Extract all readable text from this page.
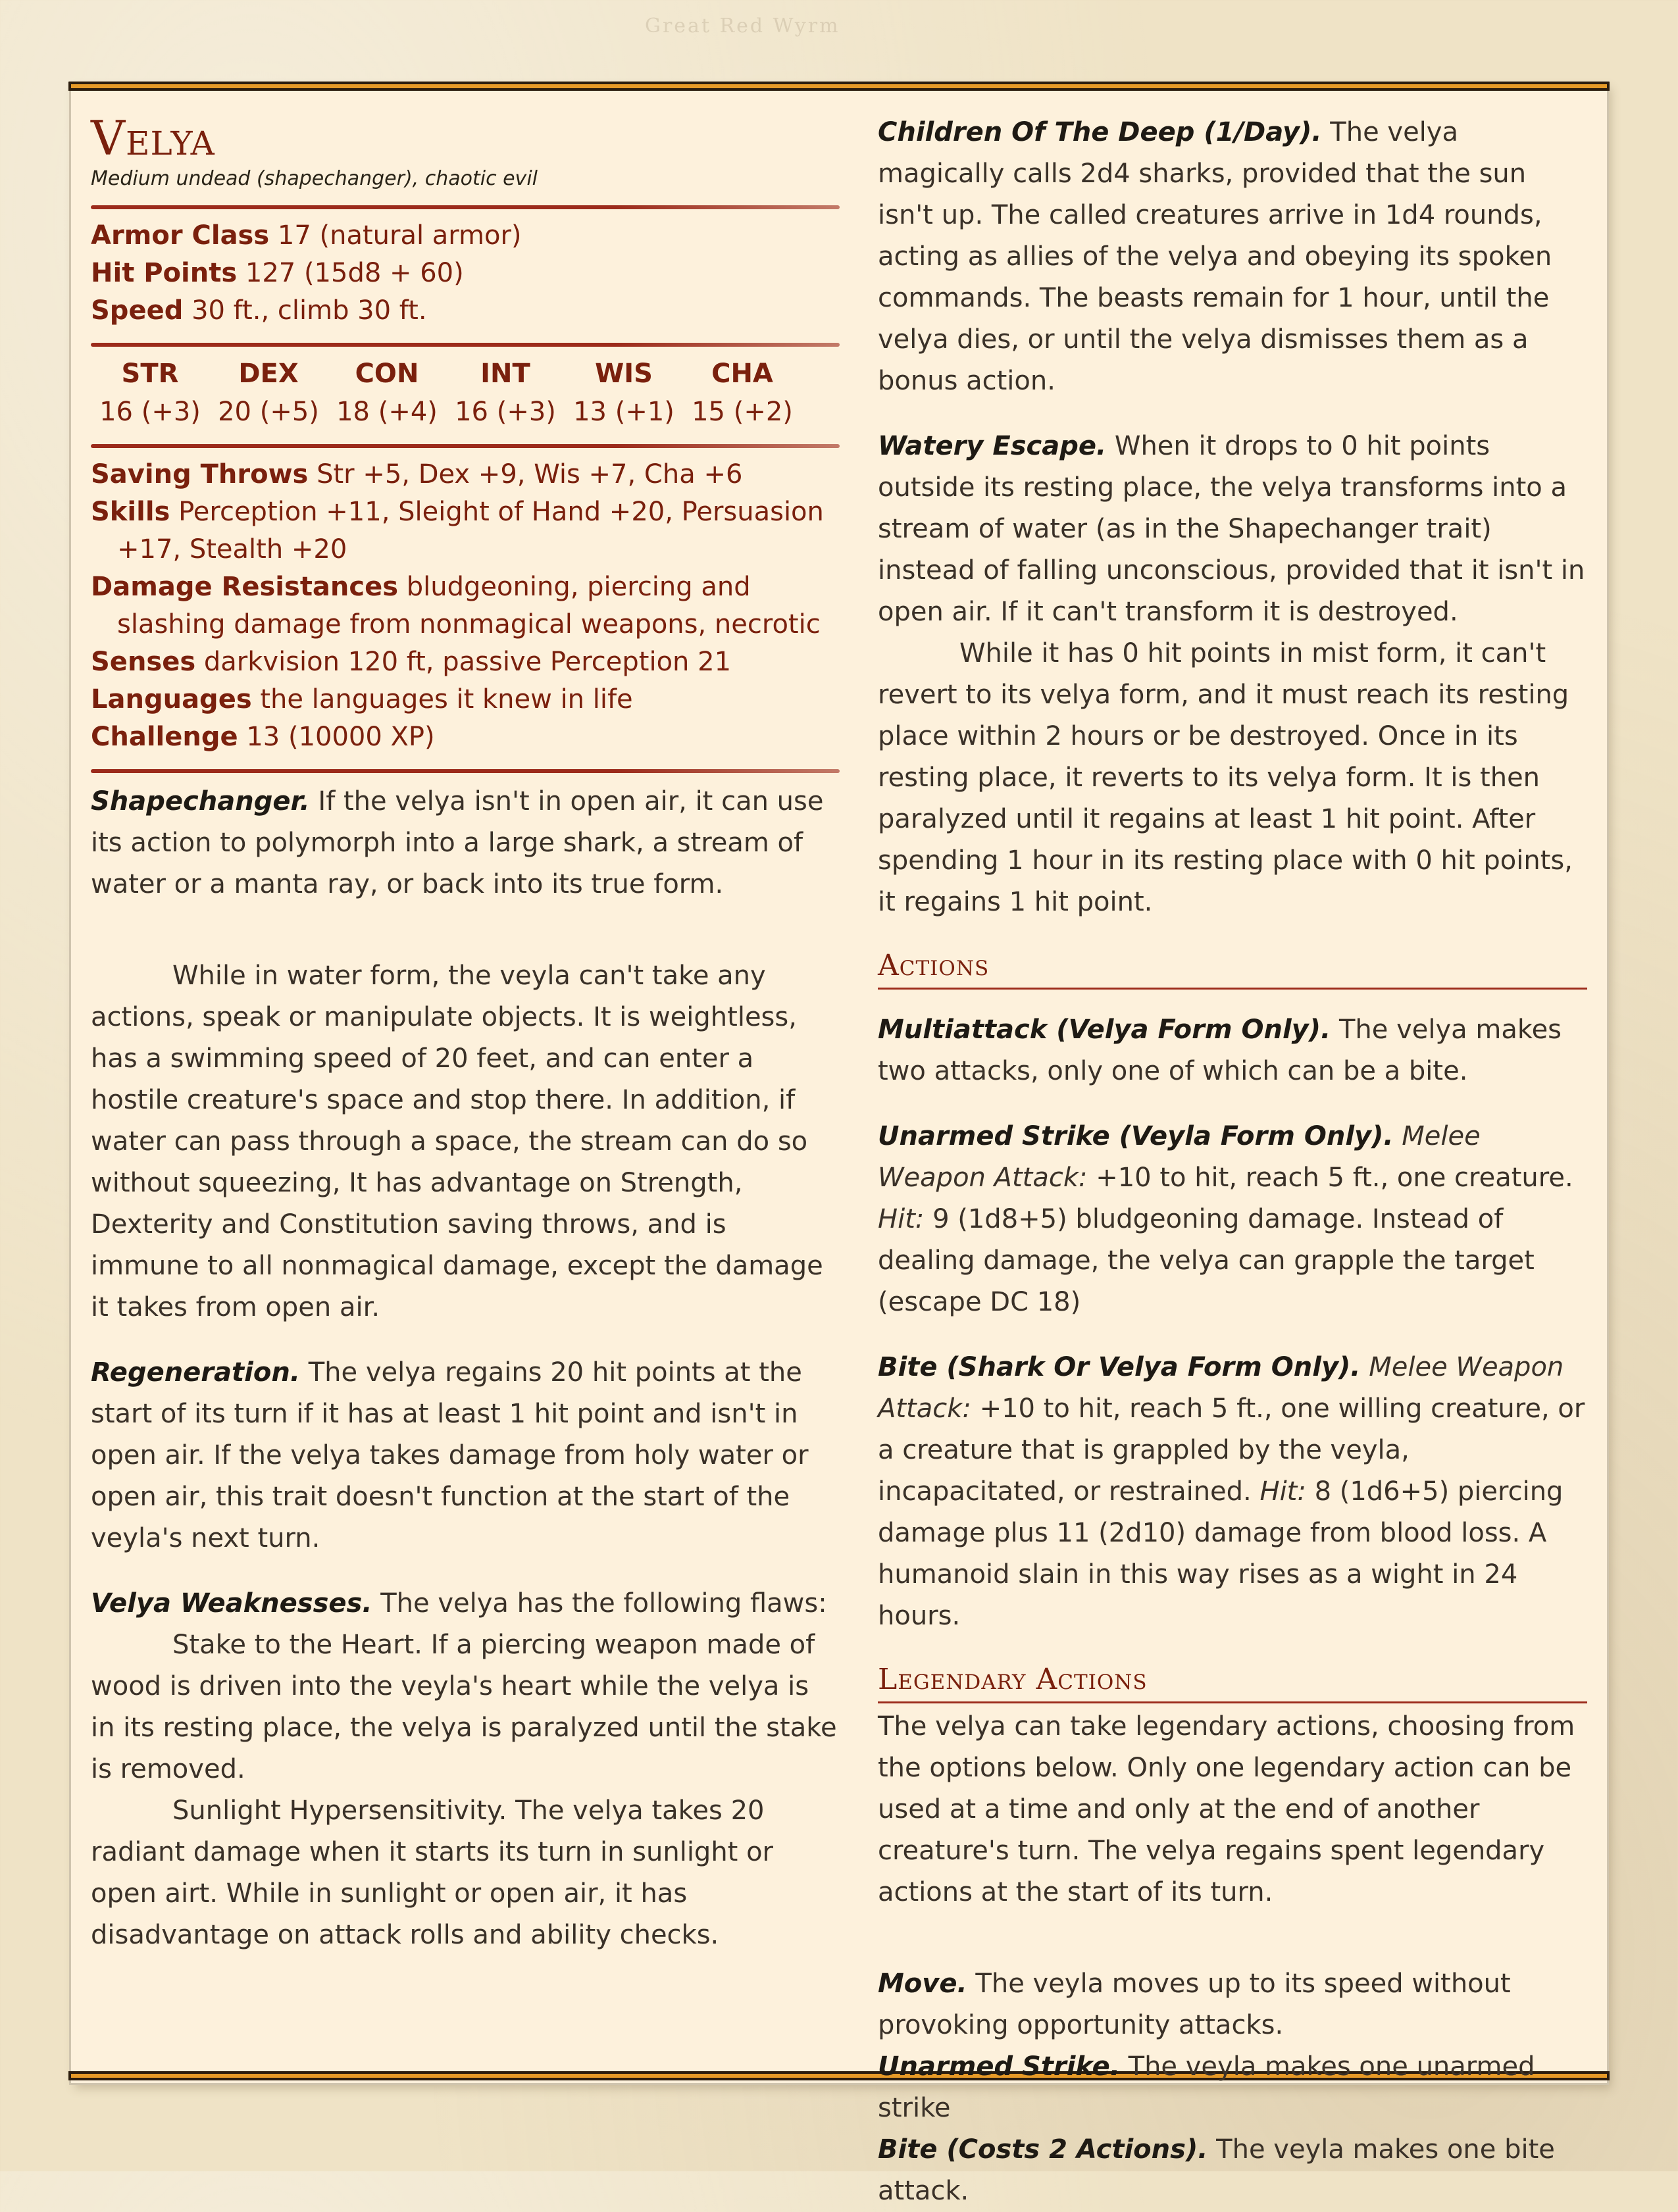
Great Red Wyrm
Velya
Medium undead (shapechanger), chaotic evil
Armor Class 17 (natural armor)
Hit Points 127 (15d8 + 60)
Speed 30 ft., climb 30 ft.
STR
16 (+3)
DEX
20 (+5)
CON
18 (+4)
INT
16 (+3)
WIS
13 (+1)
CHA
15 (+2)
Saving Throws Str +5, Dex +9, Wis +7, Cha +6
Skills Perception +11, Sleight of Hand +20, Persuasion +17, Stealth +20
Damage Resistances bludgeoning, piercing and slashing damage from nonmagical weapons, necrotic
Senses darkvision 120 ft, passive Perception 21
Languages the languages it knew in life
Challenge 13 (10000 XP)

Shapechanger. If the velya isn't in open air, it can use its action to polymorph into a large shark, a stream of water or a manta ray, or back into its true form.

While in water form, the veyla can't take any actions, speak or manipulate objects. It is weightless, has a swimming speed of 20 feet, and can enter a hostile creature's space and stop there. In addition, if water can pass through a space, the stream can do so without squeezing, It has advantage on Strength, Dexterity and Constitution saving throws, and is immune to all nonmagical damage, except the damage it takes from open air.

Regeneration. The velya regains 20 hit points at the start of its turn if it has at least 1 hit point and isn't in open air. If the velya takes damage from holy water or open air, this trait doesn't function at the start of the veyla's next turn.

Velya Weaknesses. The velya has the following flaws:

Stake to the Heart. If a piercing weapon made of wood is driven into the veyla's heart while the velya is in its resting place, the velya is paralyzed until the stake is removed.

Sunlight Hypersensitivity. The velya takes 20 radiant damage when it starts its turn in sunlight or open airt. While in sunlight or open air, it has disadvantage on attack rolls and ability checks.

Children Of The Deep (1/Day). The velya magically calls 2d4 sharks, provided that the sun isn't up. The called creatures arrive in 1d4 rounds, acting as allies of the velya and obeying its spoken commands. The beasts remain for 1 hour, until the velya dies, or until the velya dismisses them as a bonus action.

Watery Escape. When it drops to 0 hit points outside its resting place, the velya transforms into a stream of water (as in the Shapechanger trait) instead of falling unconscious, provided that it isn't in open air. If it can't transform it is destroyed.

While it has 0 hit points in mist form, it can't revert to its velya form, and it must reach its resting place within 2 hours or be destroyed. Once in its resting place, it reverts to its velya form. It is then paralyzed until it regains at least 1 hit point. After spending 1 hour in its resting place with 0 hit points, it regains 1 hit point.

Actions

Multiattack (Velya Form Only). The velya makes two attacks, only one of which can be a bite.

Unarmed Strike (Veyla Form Only). Melee Weapon Attack: +10 to hit, reach 5 ft., one creature. Hit: 9 (1d8+5) bludgeoning damage. Instead of dealing damage, the velya can grapple the target (escape DC 18)

Bite (Shark Or Velya Form Only). Melee Weapon Attack: +10 to hit, reach 5 ft., one willing creature, or a creature that is grappled by the veyla, incapacitated, or restrained. Hit: 8 (1d6+5) piercing damage plus 11 (2d10) damage from blood loss. A humanoid slain in this way rises as a wight in 24 hours.

Legendary Actions

The velya can take legendary actions, choosing from the options below. Only one legendary action can be used at a time and only at the end of another creature's turn. The velya regains spent legendary actions at the start of its turn.

Move. The veyla moves up to its speed without provoking opportunity attacks.

Unarmed Strike. The veyla makes one unarmed strike

Bite (Costs 2 Actions). The veyla makes one bite attack.
